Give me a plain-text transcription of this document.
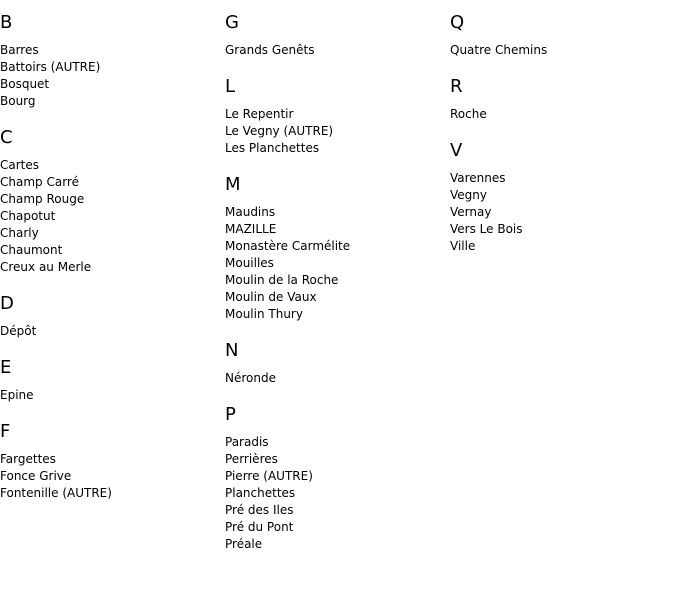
B
Barres
Battoirs (AUTRE)
Bosquet
Bourg
C
Cartes
Champ Carré
Champ Rouge
Chapotut
Charly
Chaumont
Creux au Merle
D
Dépôt
E
Epine
F
Fargettes
Fonce Grive
Fontenille (AUTRE)
G
Grands Genêts
L
Le Repentir
Le Vegny (AUTRE)
Les Planchettes
M
Maudins
MAZILLE
Monastère Carmélite
Mouilles
Moulin de la Roche
Moulin de Vaux
Moulin Thury
N
Néronde
P
Paradis
Perrières
Pierre (AUTRE)
Planchettes
Pré des Iles
Pré du Pont
Préale
Q
Quatre Chemins
R
Roche
V
Varennes
Vegny
Vernay
Vers Le Bois
Ville
